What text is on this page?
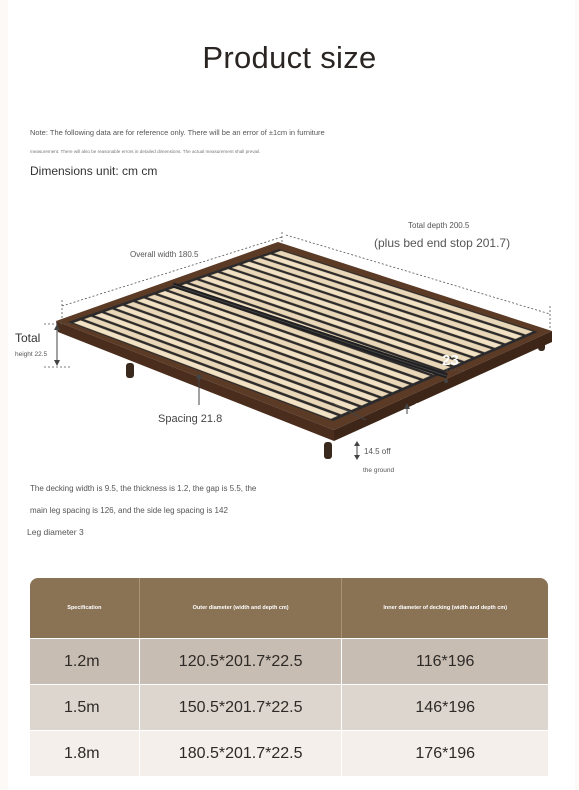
Product size
Note: The following data are for reference only. There will be an error of ±1cm in furniture
measurement. There will also be reasonable errors in detailed dimensions. The actual measurement shall prevail.
Dimensions unit: cm cm
Overall width 180.5
Total depth 200.5
(plus bed end stop 201.7)
Total
height 22.5
Spacing 21.8
23
8
14.5 off
the ground
The decking width is 9.5, the thickness is 1.2, the gap is 5.5, the
main leg spacing is 126, and the side leg spacing is 142
Leg diameter 3
Specification	Outer diameter (width and depth cm)	Inner diameter of decking (width and depth cm)
1.2m	120.5*201.7*22.5	116*196
1.5m	150.5*201.7*22.5	146*196
1.8m	180.5*201.7*22.5	176*196
